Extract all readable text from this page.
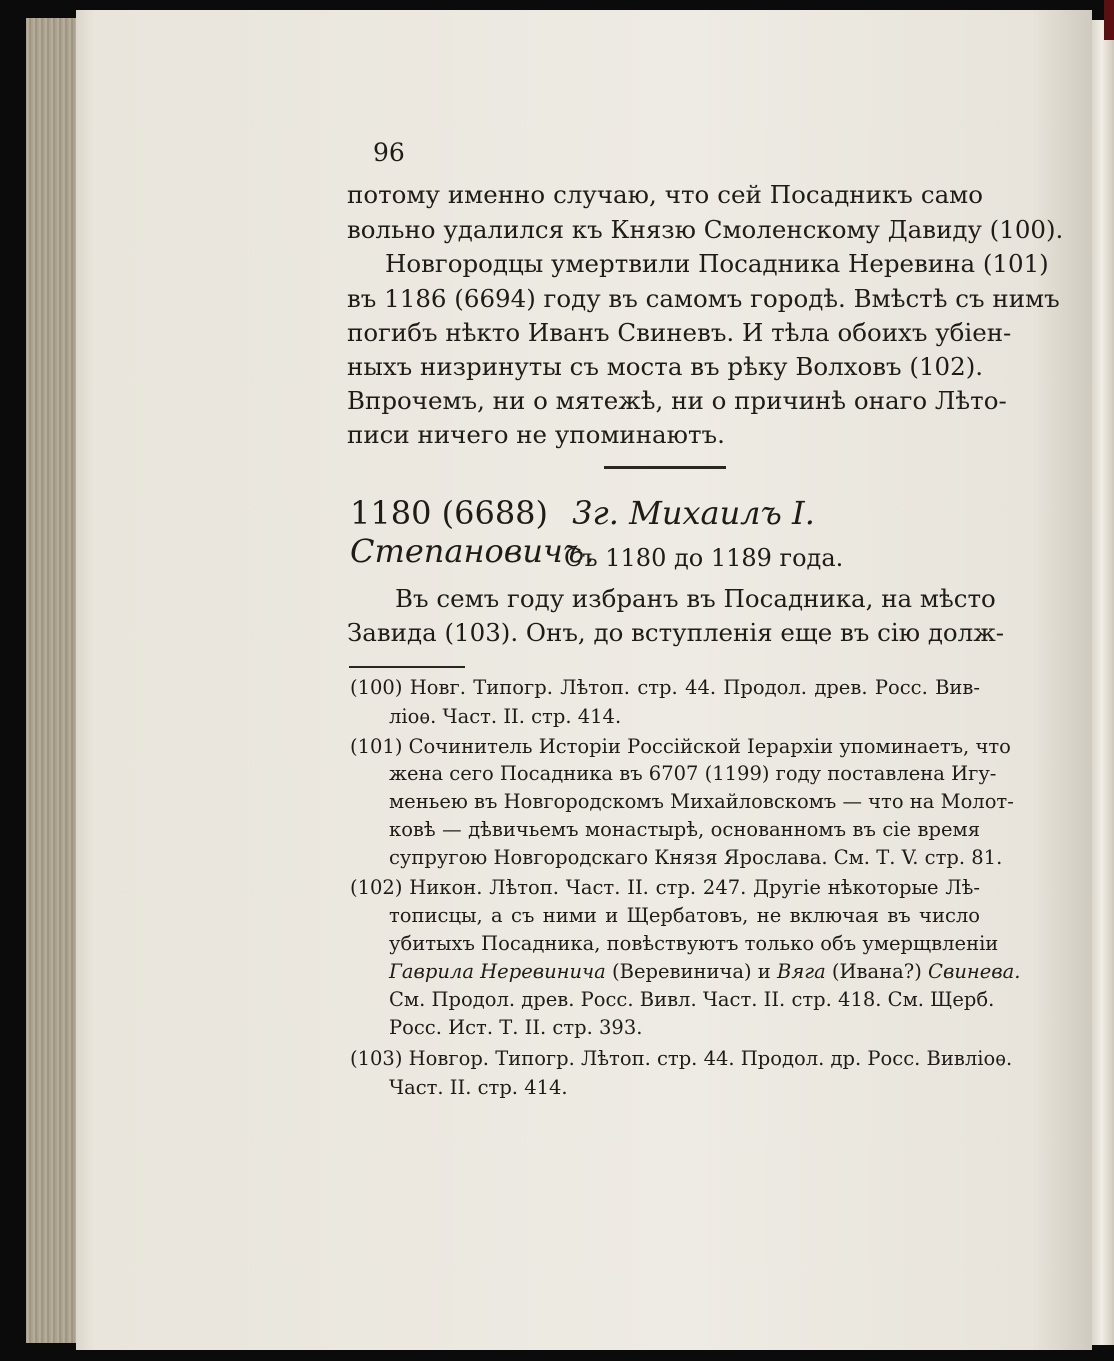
96
потому именно случаю, что сей Посадникъ само
вольно удалился къ Князю Смоленскому Давиду (100).
Новгородцы умертвили Посадника Неревина (101)
въ 1186 (6694) году въ самомъ городѣ. Вмѣстѣ съ нимъ
погибъ нѣкто Иванъ Свиневъ. И тѣла обоихъ убiен-
ныхъ низринуты съ моста въ рѣку Волховъ (102).
Впрочемъ, ни о мятежѣ, ни о причинѣ онаго Лѣто-
писи ничего не упоминаютъ.
1180 (6688) 3г. Михаилъ I. Степановичъ.
Съ 1180 до 1189 года.
Въ семъ году избранъ въ Посадника, на мѣсто
Завида (103). Онъ, до вступленiя еще въ сiю долж-
(100) Новг. Типогр. Лѣтоп. стр. 44. Продол. древ. Росс. Вив-
лiоѳ. Част. II. стр. 414.
(101) Сочинитель Исторiи Россiйской Iерархiи упоминаетъ, что
жена сего Посадника въ 6707 (1199) году поставлена Игу-
меньею въ Новгородскомъ Михайловскомъ — что на Молот-
ковѣ — дѣвичьемъ монастырѣ, основанномъ въ сiе время
супругою Новгородскаго Князя Ярослава. См. Т. V. стр. 81.
(102) Никон. Лѣтоп. Част. II. стр. 247. Другiе нѣкоторые Лѣ-
тописцы, а съ ними и Щербатовъ, не включая въ число
убитыхъ Посадника, повѣствуютъ только объ умерщвленiи
Гаврила Неревинича (Веревинича) и Вяга (Ивана?) Свинева.
См. Продол. древ. Росс. Вивл. Част. II. стр. 418. См. Щерб.
Росс. Ист. Т. II. стр. 393.
(103) Новгор. Типогр. Лѣтоп. стр. 44. Продол. др. Росс. Вивлiоѳ.
Част. II. стр. 414.
